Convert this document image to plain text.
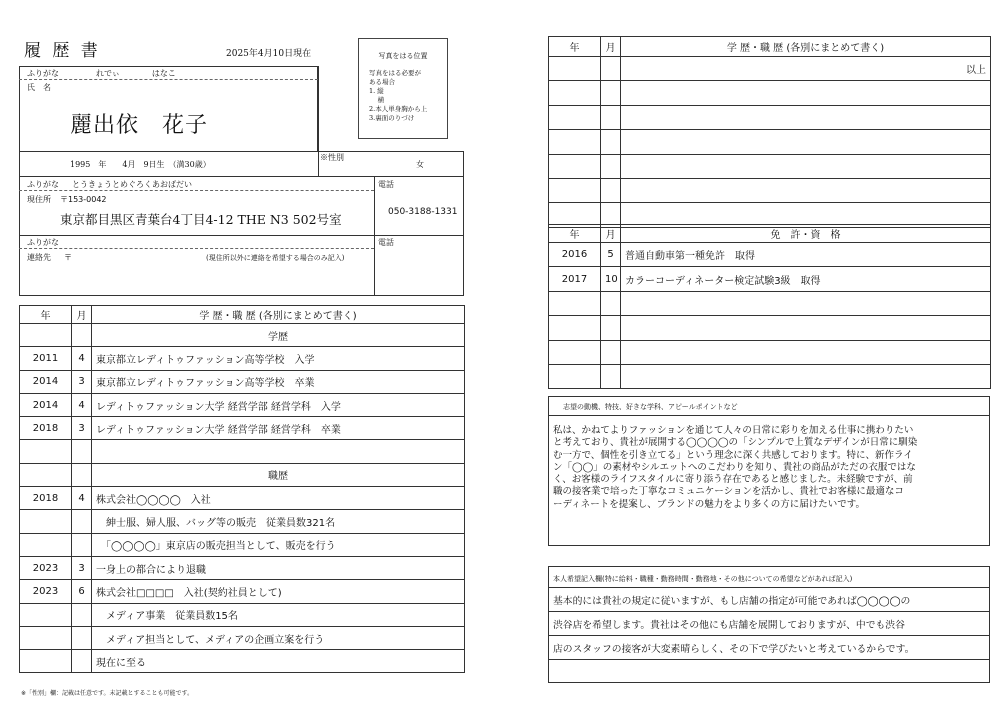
履 歴 書	2025年4月10日現在	写真をはる位置
写真をはる必要が
ある場合
1. 縦
　 横
2.本人単身胸から上
3.裏面のりづけ
ふりがな	れでぃ　　　　はなこ
氏　名
麗出依　花子
1995　年　　4月　9日生　（満30歳）
※性別
女
ふりがな とうきょうとめぐろくあおばだい
現住所 〒153-0042
東京都目黒区青葉台4丁目4-12 THE N3 502号室
電話
050-3188-1331
ふりがな
連絡先 〒	(現住所以外に連絡を希望する場合のみ記入)
電話
年	月	学 歴・職 歴 (各別にまとめて書く)
		学歴
2011	4	東京都立レディトゥファッション高等学校　入学
2014	3	東京都立レディトゥファッション高等学校　卒業
2014	4	レディトゥファッション大学 経営学部 経営学科　入学
2018	3	レディトゥファッション大学 経営学部 経営学科　卒業

		職歴
2018	4	株式会社◯◯◯◯　入社
		　紳士服、婦人服、バッグ等の販売　従業員数321名
		　「◯◯◯◯」東京店の販売担当として、販売を行う
2023	3	一身上の都合により退職
2023	6	株式会社□□□□　入社(契約社員として)
		　メディア事業　従業員数15名
		　メディア担当として、メディアの企画立案を行う
		現在に至る
※「性別」欄：記載は任意です。未記載とすることも可能です。
年	月	学 歴・職 歴 (各別にまとめて書く)
		以上

年	月	免　許・資　格
2016	5	普通自動車第一種免許　取得
2017	10	カラーコーディネーター検定試験3級　取得

志望の動機、特技、好きな学科、アピールポイントなど
私は、かねてよりファッションを通じて人々の日常に彩りを加える仕事に携わりたい
と考えており、貴社が展開する◯◯◯◯の「シンプルで上質なデザインが日常に馴染
む一方で、個性を引き立てる」という理念に深く共感しております。特に、新作ライ
ン「◯◯」の素材やシルエットへのこだわりを知り、貴社の商品がただの衣服ではな
く、お客様のライフスタイルに寄り添う存在であると感じました。未経験ですが、前
職の接客業で培った丁寧なコミュニケーションを活かし、貴社でお客様に最適なコ
ーディネートを提案し、ブランドの魅力をより多くの方に届けたいです。
本人希望記入欄(特に給料・職種・勤務時間・勤務地・その他についての希望などがあれば記入)
基本的には貴社の規定に従いますが、もし店舗の指定が可能であれば◯◯◯◯の
渋谷店を希望します。貴社はその他にも店舗を展開しておりますが、中でも渋谷
店のスタッフの接客が大変素晴らしく、その下で学びたいと考えているからです。
